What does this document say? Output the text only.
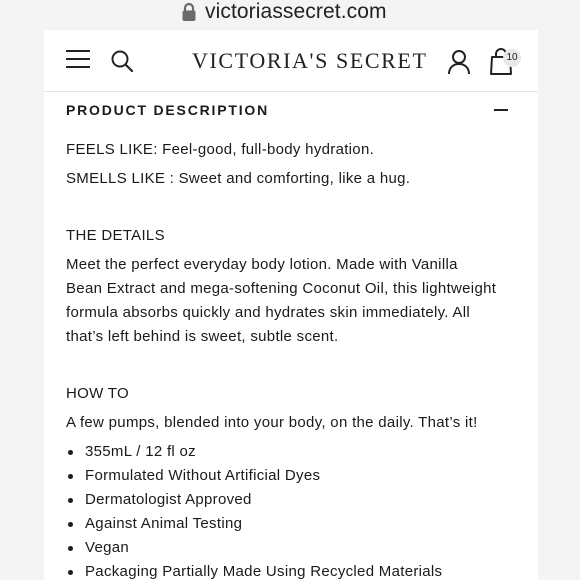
victoriassecret.com
VICTORIA'S SECRET	10
PRODUCT DESCRIPTION
FEELS LIKE: Feel-good, full-body hydration.
SMELLS LIKE : Sweet and comforting, like a hug.
THE DETAILS
Meet the perfect everyday body lotion. Made with Vanilla
Bean Extract and mega-softening Coconut Oil, this lightweight
formula absorbs quickly and hydrates skin immediately. All
that’s left behind is sweet, subtle scent.
HOW TO
A few pumps, blended into your body, on the daily. That’s it!
355mL / 12 fl oz
Formulated Without Artificial Dyes
Dermatologist Approved
Against Animal Testing
Vegan
Packaging Partially Made Using Recycled Materials
